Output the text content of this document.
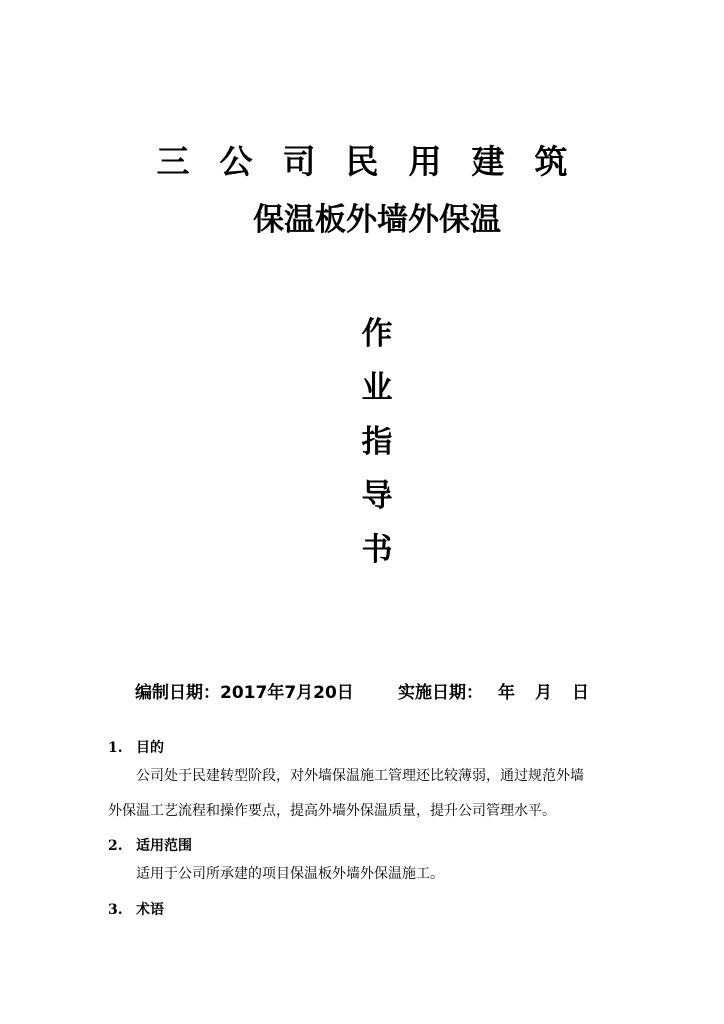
三公司民用建筑
保温板外墙外保温
作
业
指
导
书
编制日期：2017年7月20日	实施日期： 年 月 日
1. 目的
公司处于民建转型阶段，对外墙保温施工管理还比较薄弱，通过规范外墙
外保温工艺流程和操作要点，提高外墙外保温质量，提升公司管理水平。
2. 适用范围
适用于公司所承建的项目保温板外墙外保温施工。
3. 术语
